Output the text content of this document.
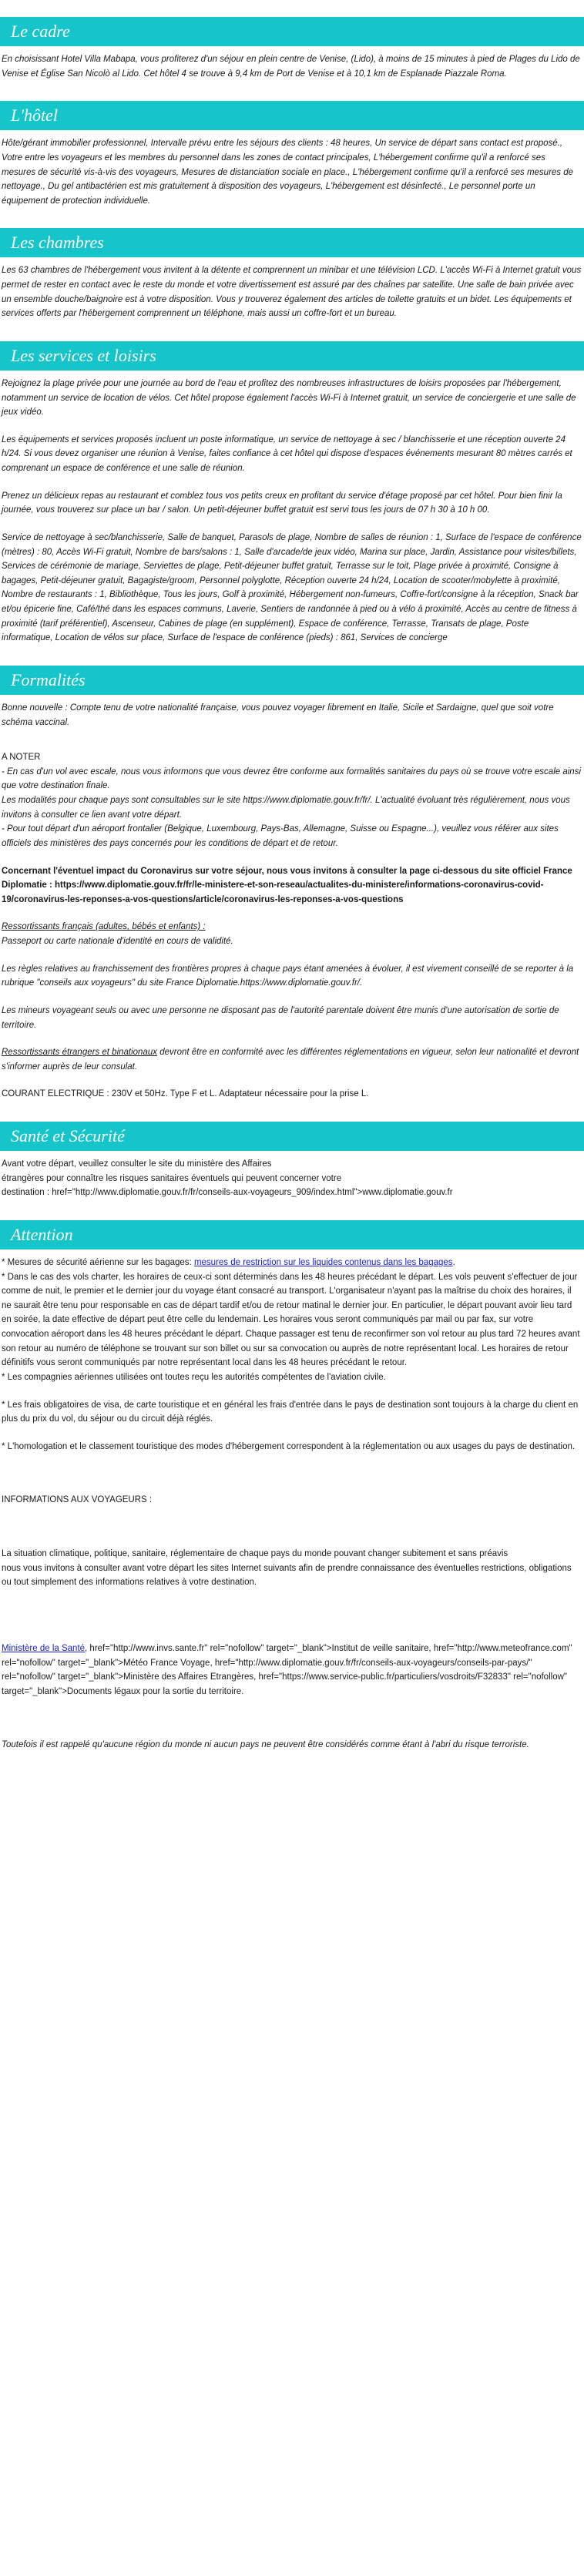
Le cadre

En choisissant Hotel Villa Mabapa, vous profiterez d'un séjour en plein centre de Venise, (Lido), à moins de 15 minutes à pied de Plages du Lido de Venise et Église San Nicolò al Lido. Cet hôtel 4 se trouve à 9,4 km de Port de Venise et à 10,1 km de Esplanade Piazzale Roma.

L'hôtel

Hôte/gérant immobilier professionnel, Intervalle prévu entre les séjours des clients : 48 heures, Un service de départ sans contact est proposé., Votre entre les voyageurs et les membres du personnel dans les zones de contact principales, L'hébergement confirme qu'il a renforcé ses mesures de sécurité vis-à-vis des voyageurs, Mesures de distanciation sociale en place., L'hébergement confirme qu'il a renforcé ses mesures de nettoyage., Du gel antibactérien est mis gratuitement à disposition des voyageurs, L'hébergement est désinfecté., Le personnel porte un équipement de protection individuelle.

Les chambres

Les 63 chambres de l'hébergement vous invitent à la détente et comprennent un minibar et une télévision LCD. L'accès Wi-Fi à Internet gratuit vous permet de rester en contact avec le reste du monde et votre divertissement est assuré par des chaînes par satellite. Une salle de bain privée avec un ensemble douche/baignoire est à votre disposition. Vous y trouverez également des articles de toilette gratuits et un bidet. Les équipements et services offerts par l'hébergement comprennent un téléphone, mais aussi un coffre-fort et un bureau.

Les services et loisirs

Rejoignez la plage privée pour une journée au bord de l'eau et profitez des nombreuses infrastructures de loisirs proposées par l'hébergement, notamment un service de location de vélos. Cet hôtel propose également l'accès Wi-Fi à Internet gratuit, un service de conciergerie et une salle de jeux vidéo.

Les équipements et services proposés incluent un poste informatique, un service de nettoyage à sec / blanchisserie et une réception ouverte 24 h/24. Si vous devez organiser une réunion à Venise, faites confiance à cet hôtel qui dispose d'espaces événements mesurant 80 mètres carrés et comprenant un espace de conférence et une salle de réunion.

Prenez un délicieux repas au restaurant et comblez tous vos petits creux en profitant du service d'étage proposé par cet hôtel. Pour bien finir la journée, vous trouverez sur place un bar / salon. Un petit-déjeuner buffet gratuit est servi tous les jours de 07 h 30 à 10 h 00.

Service de nettoyage à sec/blanchisserie, Salle de banquet, Parasols de plage, Nombre de salles de réunion : 1, Surface de l'espace de conférence (mètres) : 80, Accès Wi-Fi gratuit, Nombre de bars/salons : 1, Salle d'arcade/de jeux vidéo, Marina sur place, Jardin, Assistance pour visites/billets, Services de cérémonie de mariage, Serviettes de plage, Petit-déjeuner buffet gratuit, Terrasse sur le toit, Plage privée à proximité, Consigne à bagages, Petit-déjeuner gratuit, Bagagiste/groom, Personnel polyglotte, Réception ouverte 24 h/24, Location de scooter/mobylette à proximité, Nombre de restaurants : 1, Bibliothèque, Tous les jours, Golf à proximité, Hébergement non-fumeurs, Coffre-fort/consigne à la réception, Snack bar et/ou épicerie fine, Café/thé dans les espaces communs, Laverie, Sentiers de randonnée à pied ou à vélo à proximité, Accès au centre de fitness à proximité (tarif préférentiel), Ascenseur, Cabines de plage (en supplément), Espace de conférence, Terrasse, Transats de plage, Poste informatique, Location de vélos sur place, Surface de l'espace de conférence (pieds) : 861, Services de concierge

Formalités

Bonne nouvelle : Compte tenu de votre nationalité française, vous pouvez voyager librement en Italie, Sicile et Sardaigne, quel que soit votre schéma vaccinal.

A NOTER
- En cas d'un vol avec escale, nous vous informons que vous devrez être conforme aux formalités sanitaires du pays où se trouve votre escale ainsi que votre destination finale.
Les modalités pour chaque pays sont consultables sur le site https://www.diplomatie.gouv.fr/fr/. L'actualité évoluant très régulièrement, nous vous invitons à consulter ce lien avant votre départ.

- Pour tout départ d'un aéroport frontalier (Belgique, Luxembourg, Pays-Bas, Allemagne, Suisse ou Espagne...), veuillez vous référer aux sites officiels des ministères des pays concernés pour les conditions de départ et de retour.

Concernant l'éventuel impact du Coronavirus sur votre séjour, nous vous invitons à consulter la page ci-dessous du site officiel France Diplomatie : https://www.diplomatie.gouv.fr/fr/le-ministere-et-son-reseau/actualites-du-ministere/informations-coronavirus-covid-19/coronavirus-les-reponses-a-vos-questions/article/coronavirus-les-reponses-a-vos-questions

Ressortissants français (adultes, bébés et enfants) :

Passeport ou carte nationale d'identité en cours de validité.

Les règles relatives au franchissement des frontières propres à chaque pays étant amenées à évoluer, il est vivement conseillé de se reporter à la rubrique "conseils aux voyageurs" du site France Diplomatie.https://www.diplomatie.gouv.fr/.

Les mineurs voyageant seuls ou avec une personne ne disposant pas de l'autorité parentale doivent être munis d'une autorisation de sortie de territoire.

Ressortissants étrangers et binationaux devront être en conformité avec les différentes réglementations en vigueur, selon leur nationalité et devront s'informer auprès de leur consulat.

COURANT ELECTRIQUE : 230V et 50Hz. Type F et L. Adaptateur nécessaire pour la prise L.

Santé et Sécurité
Avant votre départ, veuillez consulter le site du ministère des Affaires
étrangères pour connaître les risques sanitaires éventuels qui peuvent concerner votre
destination : href="http://www.diplomatie.gouv.fr/fr/conseils-aux-voyageurs_909/index.html">www.diplomatie.gouv.fr
Attention
* Mesures de sécurité aérienne sur les bagages: mesures de restriction sur les liquides contenus dans les bagages.
* Dans le cas des vols charter, les horaires de ceux-ci sont déterminés dans les 48 heures précédant le départ. Les vols peuvent s'effectuer de jour comme de nuit, le premier et le dernier jour du voyage étant consacré au transport. L'organisateur n'ayant pas la maîtrise du choix des horaires, il ne saurait être tenu pour responsable en cas de départ tardif et/ou de retour matinal le dernier jour. En particulier, le départ pouvant avoir lieu tard en soirée, la date effective de départ peut être celle du lendemain. Les horaires vous seront communiqués par mail ou par fax, sur votre convocation aéroport dans les 48 heures précédant le départ. Chaque passager est tenu de reconfirmer son vol retour au plus tard 72 heures avant son retour au numéro de téléphone se trouvant sur son billet ou sur sa convocation ou auprès de notre représentant local. Les horaires de retour définitifs vous seront communiqués par notre représentant local dans les 48 heures précédant le retour.

* Les compagnies aériennes utilisées ont toutes reçu les autorités compétentes de l'aviation civile.

* Les frais obligatoires de visa, de carte touristique et en général les frais d'entrée dans le pays de destination sont toujours à la charge du client en plus du prix du vol, du séjour ou du circuit déjà réglés.

* L'homologation et le classement touristique des modes d'hébergement correspondent à la réglementation ou aux usages du pays de destination.

INFORMATIONS AUX VOYAGEURS :

La situation climatique, politique, sanitaire, réglementaire de chaque pays du monde pouvant changer subitement et sans préavis

nous vous invitons à consulter avant votre départ les sites Internet suivants afin de prendre connaissance des éventuelles restrictions, obligations ou tout simplement des informations relatives à votre destination.

Ministère de la Santé, href="http://www.invs.sante.fr" rel="nofollow" target="_blank">Institut de veille sanitaire, href="http://www.meteofrance.com" rel="nofollow" target="_blank">Météo France Voyage, href="http://www.diplomatie.gouv.fr/fr/conseils-aux-voyageurs/conseils-par-pays/" rel="nofollow" target="_blank">Ministère des Affaires Etrangères, href="https://www.service-public.fr/particuliers/vosdroits/F32833" rel="nofollow" target="_blank">Documents légaux pour la sortie du territoire.

Toutefois il est rappelé qu'aucune région du monde ni aucun pays ne peuvent être considérés comme étant à l'abri du risque terroriste.
